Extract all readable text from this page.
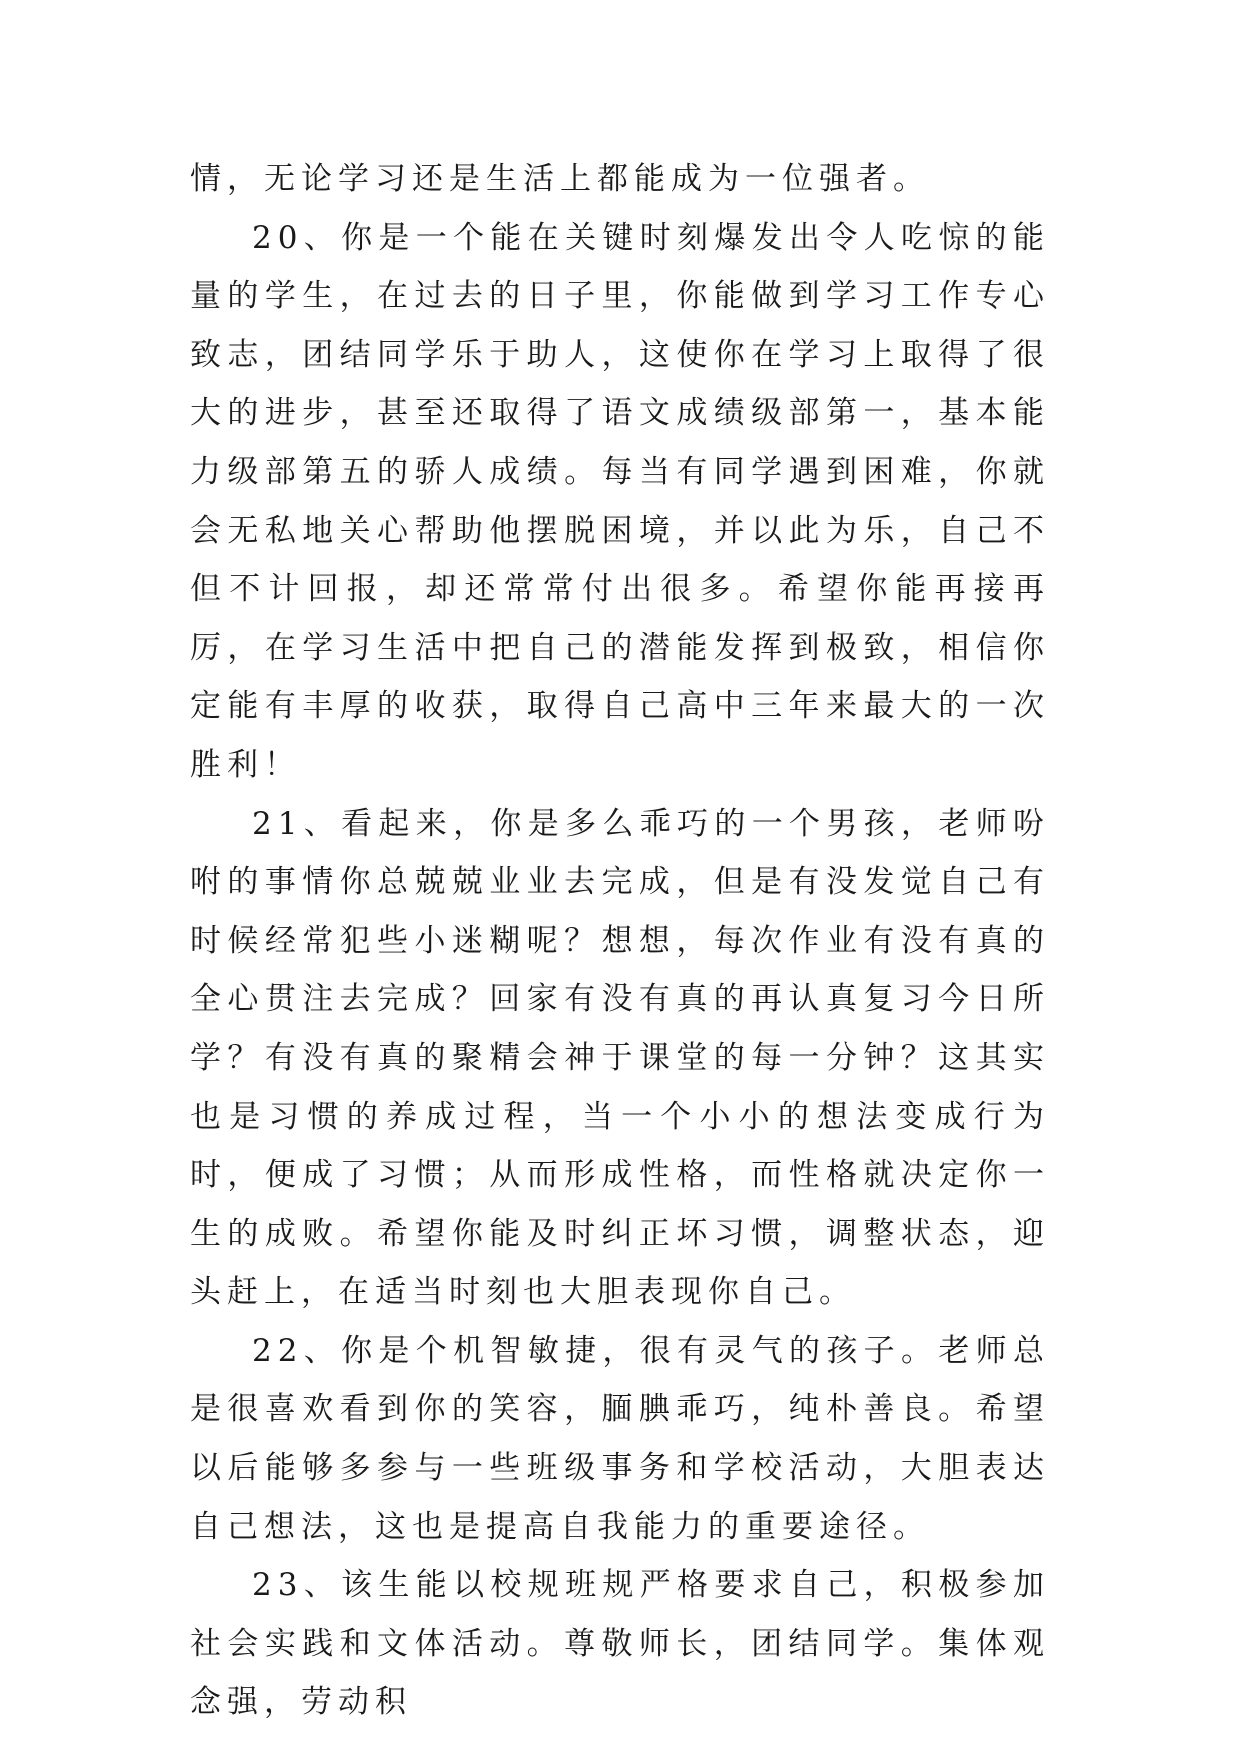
情，无论学习还是生活上都能成为一位强者。

20、你是一个能在关键时刻爆发出令人吃惊的能量的学生，在过去的日子里，你能做到学习工作专心致志，团结同学乐于助人，这使你在学习上取得了很大的进步，甚至还取得了语文成绩级部第一，基本能力级部第五的骄人成绩。每当有同学遇到困难，你就会无私地关心帮助他摆脱困境，并以此为乐，自己不但不计回报，却还常常付出很多。希望你能再接再厉，在学习生活中把自己的潜能发挥到极致，相信你定能有丰厚的收获，取得自己高中三年来最大的一次胜利！

21、看起来，你是多么乖巧的一个男孩，老师吩咐的事情你总兢兢业业去完成，但是有没发觉自己有时候经常犯些小迷糊呢？想想，每次作业有没有真的全心贯注去完成？回家有没有真的再认真复习今日所学？有没有真的聚精会神于课堂的每一分钟？这其实也是习惯的养成过程，当一个小小的想法变成行为时，便成了习惯；从而形成性格，而性格就决定你一生的成败。希望你能及时纠正坏习惯，调整状态，迎头赶上，在适当时刻也大胆表现你自己。

22、你是个机智敏捷，很有灵气的孩子。老师总是很喜欢看到你的笑容，腼腆乖巧，纯朴善良。希望以后能够多参与一些班级事务和学校活动，大胆表达自己想法，这也是提高自我能力的重要途径。

23、该生能以校规班规严格要求自己，积极参加社会实践和文体活动。尊敬师长，团结同学。集体观念强，劳动积
